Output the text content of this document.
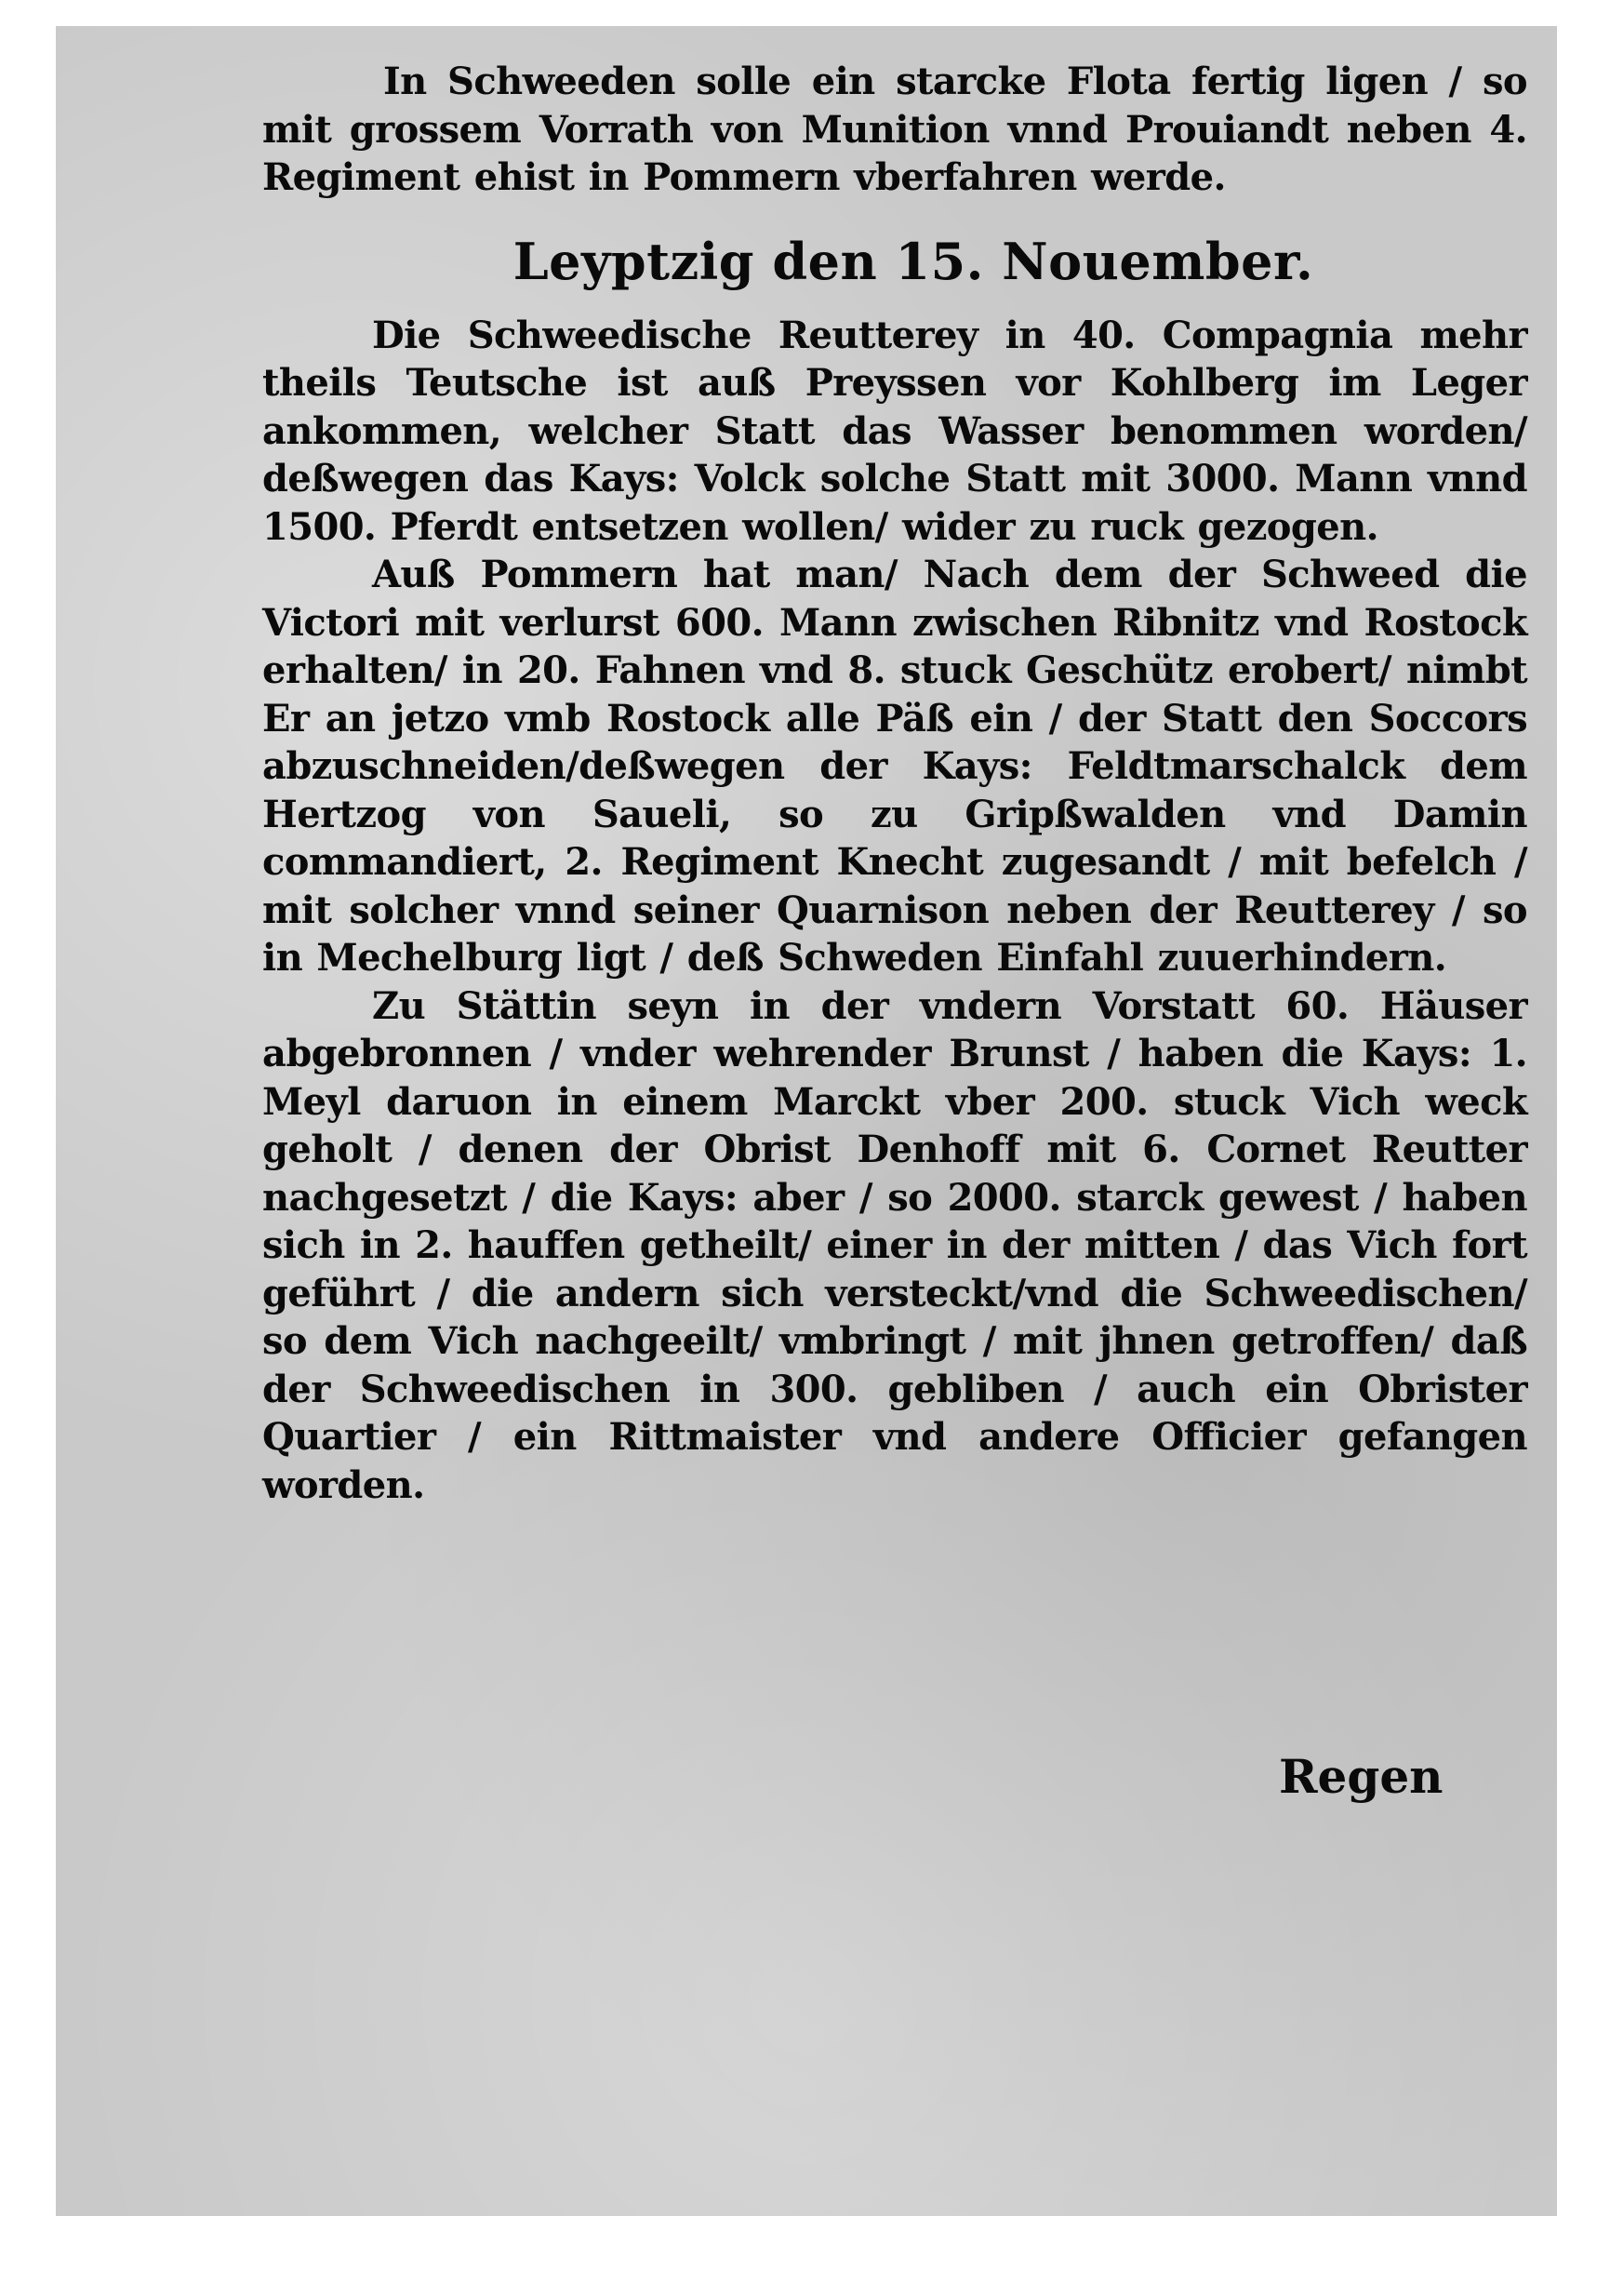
In Schweeden solle ein starcke Flota fertig ligen / so mit grossem Vorrath von Munition vnnd Prouiandt neben 4. Regiment ehist in Pommern vberfahren werde.

Leyptzig den 15. Nouember.

Die Schweedische Reutterey in 40. Compagnia mehr theils Teutsche ist auß Preyssen vor Kohlberg im Leger ankommen, welcher Statt das Wasser benommen worden/ deßwegen das Kays: Volck solche Statt mit 3000. Mann vnnd 1500. Pferdt entsetzen wollen/ wider zu ruck gezogen.

Auß Pommern hat man/ Nach dem der Schweed die Victori mit verlurst 600. Mann zwischen Ribnitz vnd Rostock erhalten/ in 20. Fahnen vnd 8. stuck Geschütz erobert/ nimbt Er an jetzo vmb Rostock alle Päß ein / der Statt den Soccors abzuschneiden/deßwegen der Kays: Feldtmarschalck dem Hertzog von Saueli, so zu Gripßwalden vnd Damin commandiert, 2. Regiment Knecht zugesandt / mit befelch / mit solcher vnnd seiner Quarnison neben der Reutterey / so in Mechelburg ligt / deß Schweden Einfahl zuuerhindern.

Zu Stättin seyn in der vndern Vorstatt 60. Häuser abgebronnen / vnder wehrender Brunst / haben die Kays: 1. Meyl daruon in einem Marckt vber 200. stuck Vich weck geholt / denen der Obrist Denhoff mit 6. Cornet Reutter nachgesetzt / die Kays: aber / so 2000. starck gewest / haben sich in 2. hauffen getheilt/ einer in der mitten / das Vich fort geführt / die andern sich versteckt/vnd die Schweedischen/ so dem Vich nachgeeilt/ vmbringt / mit jhnen getroffen/ daß der Schweedischen in 300. gebliben / auch ein Obrister Quartier / ein Rittmaister vnd andere Officier gefangen worden.

Regen
